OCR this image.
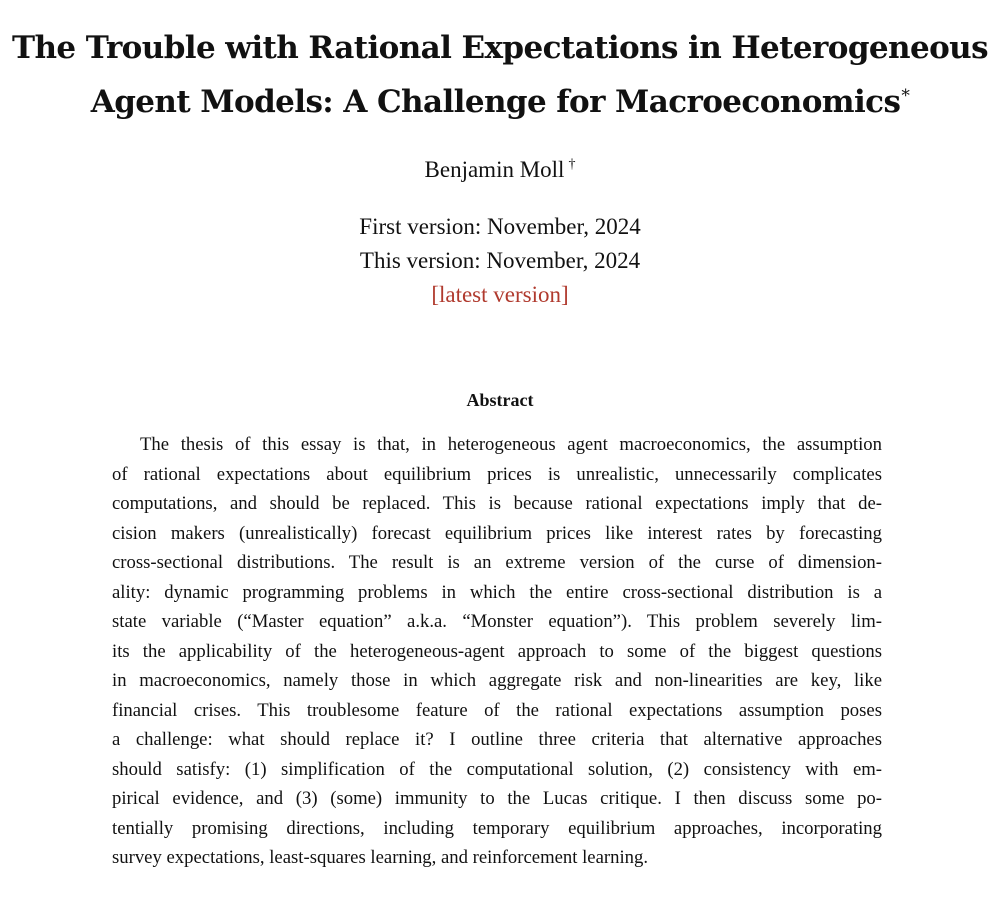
The Trouble with Rational Expectations in Heterogeneous
Agent Models: A Challenge for Macroeconomics*
Benjamin Moll †
First version: November, 2024
This version: November, 2024
[latest version]
Abstract
The thesis of this essay is that, in heterogeneous agent macroeconomics, the assumption
of rational expectations about equilibrium prices is unrealistic, unnecessarily complicates
computations, and should be replaced. This is because rational expectations imply that de-
cision makers (unrealistically) forecast equilibrium prices like interest rates by forecasting
cross-sectional distributions. The result is an extreme version of the curse of dimension-
ality: dynamic programming problems in which the entire cross-sectional distribution is a
state variable (“Master equation” a.k.a. “Monster equation”). This problem severely lim-
its the applicability of the heterogeneous-agent approach to some of the biggest questions
in macroeconomics, namely those in which aggregate risk and non-linearities are key, like
financial crises. This troublesome feature of the rational expectations assumption poses
a challenge: what should replace it? I outline three criteria that alternative approaches
should satisfy: (1) simplification of the computational solution, (2) consistency with em-
pirical evidence, and (3) (some) immunity to the Lucas critique. I then discuss some po-
tentially promising directions, including temporary equilibrium approaches, incorporating
survey expectations, least-squares learning, and reinforcement learning.
